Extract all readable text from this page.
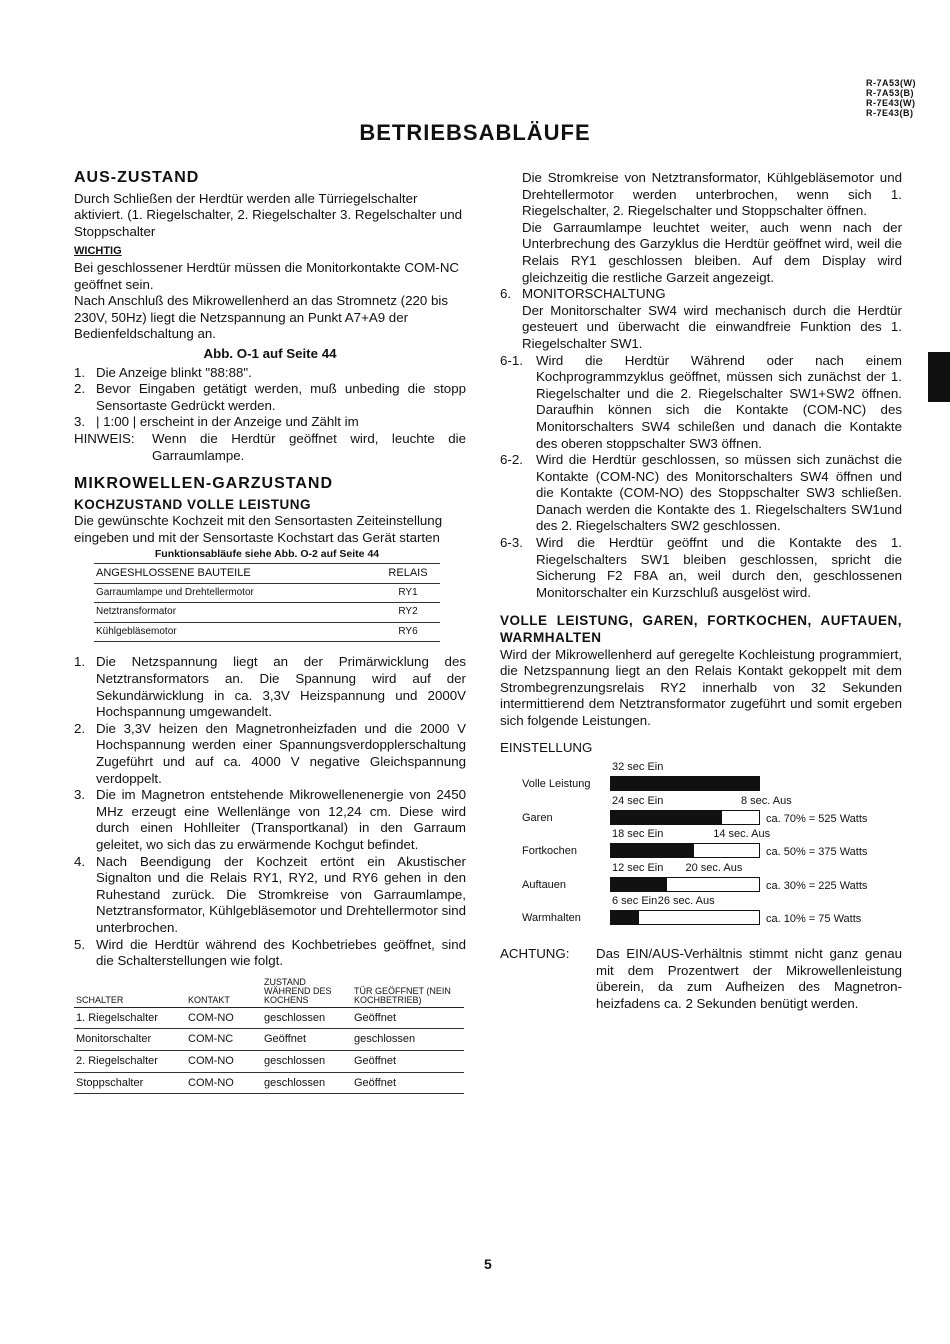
R-7A53(W)
R-7A53(B)
R-7E43(W)
R-7E43(B)
BETRIEBSABLÄUFE
AUS-ZUSTAND

Durch Schließen der Herdtür werden alle Türriegelschalter aktiviert. (1. Riegelschalter, 2. Riegelschalter 3. Regelschalter und Stoppschalter

WICHTIG

Bei geschlossener Herdtür müssen die Monitorkontakte COM-NC geöffnet sein.

Nach Anschluß des Mikrowellenherd an das Stromnetz (220 bis 230V, 50Hz) liegt die Netzspannung an Punkt A7+A9 der Bedienfeldschaltung an.

Abb. O-1 auf Seite 44

1. Die Anzeige blinkt "88:88".
2. Bevor Eingaben getätigt werden, muß unbeding die stopp Sensortaste Gedrückt werden.
3. | 1:00 | erscheint in der Anzeige und Zählt im
HINWEIS:	Wenn die Herdtür geöffnet wird, leuchte die Garraumlampe.
MIKROWELLEN-GARZUSTAND
KOCHZUSTAND VOLLE LEISTUNG

Die gewünschte Kochzeit mit den Sensortasten Zeiteinstellung eingeben und mit der Sensortaste Kochstart das Gerät starten

Funktionsabläufe siehe Abb. O-2 auf Seite 44
ANGESHLOSSENE BAUTEILE	RELAIS
Garraumlampe und Drehtellermotor	RY1
Netztransformator	RY2
Kühlgebläsemotor	RY6
1. Die Netzspannung liegt an der Primärwicklung des Netztransformators an. Die Spannung wird auf der Sekundärwicklung in ca. 3,3V Heizspannung und 2000V Hochspannung umgewandelt.
2. Die 3,3V heizen den Magnetronheizfaden und die 2000 V Hochspannung werden einer Spannungsverdopplerschaltung Zugeführt und auf ca. 4000 V negative Gleichspannung verdoppelt.
3. Die im Magnetron entstehende Mikrowellenenergie von 2450 MHz erzeugt eine Wellenlänge von 12,24 cm. Diese wird durch einen Hohlleiter (Transportkanal) in den Garraum geleitet, wo sich das zu erwärmende Kochgut befindet.
4. Nach Beendigung der Kochzeit ertönt ein Akustischer Signalton und die Relais RY1, RY2, und RY6 gehen in den Ruhestand zurück. Die Stromkreise von Garraumlampe, Netztransformator, Kühlgebläsemotor und Drehtellermotor sind unterbrochen.
5. Wird die Herdtür während des Kochbetriebes geöffnet, sind die Schalterstellungen wie folgt.
SCHALTER	KONTAKT	ZUSTAND WÄHREND DES KOCHENS	TÜR GEÖFFNET (NEIN KOCHBETRIEB)
1. Riegelschalter	COM-NO	geschlossen	Geöffnet
Monitorschalter	COM-NC	Geöffnet	geschlossen
2. Riegelschalter	COM-NO	geschlossen	Geöffnet
Stoppschalter	COM-NO	geschlossen	Geöffnet

Die Stromkreise von Netztransformator, Kühlgebläsemotor und Drehtellermotor werden unterbrochen, wenn sich 1. Riegelschalter, 2. Riegelschalter und Stoppschalter öffnen.

Die Garraumlampe leuchtet weiter, auch wenn nach der Unterbrechung des Garzyklus die Herdtür geöffnet wird, weil die Relais RY1 geschlossen bleiben. Auf dem Display wird gleichzeitig die restliche Garzeit angezeigt.

6. MONITORSCHALTUNG

Der Monitorschalter SW4 wird mechanisch durch die Herdtür gesteuert und überwacht die einwandfreie Funktion des 1. Riegelschalter SW1.

6-1. Wird die Herdtür Während oder nach einem Kochprogrammzyklus geöffnet, müssen sich zunächst der 1. Riegelschalter und die 2. Riegelschalter SW1+SW2 öffnen. Daraufhin können sich die Kontakte (COM-NC) des Monitorschalters SW4 schileßen und danach die Kontakte des oberen stoppschalter SW3 öffnen.
6-2. Wird die Herdtür geschlossen, so müssen sich zunächst die Kontakte (COM-NC) des Monitorschalters SW4 öffnen und die Kontakte (COM-NO) des Stoppschalter SW3 schließen. Danach werden die Kontakte des 1. Riegelschalters SW1und des 2. Riegelschalters SW2 geschlossen.
6-3. Wird die Herdtür geöffnt und die Kontakte des 1. Riegelschalters SW1 bleiben geschlossen, spricht die Sicherung F2 F8A an, weil durch den, geschlossenen Monitorschalter ein Kurzschluß ausgelöst wird.
VOLLE LEISTUNG, GAREN, FORTKOCHEN, AUFTAUEN, WARMHALTEN

Wird der Mikrowellenherd auf geregelte Kochleistung programmiert, die Netzspannung liegt an den Relais Kontakt gekoppelt mit dem Strombegrenzungsrelais RY2 innerhalb von 32 Sekunden intermittierend dem Netztransformator zugeführt und somit ergeben sich folgende Leistungen.

EINSTELLUNG

Volle Leistung
32 sec Ein
Garen
24 sec Ein	8 sec. Aus
ca. 70% = 525 Watts
Fortkochen
18 sec Ein	14 sec. Aus
ca. 50% = 375 Watts
Auftauen
12 sec Ein 20 sec. Aus
ca. 30% = 225 Watts
Warmhalten
6 sec Ein 26 sec. Aus
ca. 10% = 75 Watts
ACHTUNG:	Das EIN/AUS-Verhältnis stimmt nicht ganz genau mit dem Prozentwert der Mikrowellenleistung überein, da zum Aufheizen des Magnetron- heizfadens ca. 2 Sekunden benütigt werden.
5
